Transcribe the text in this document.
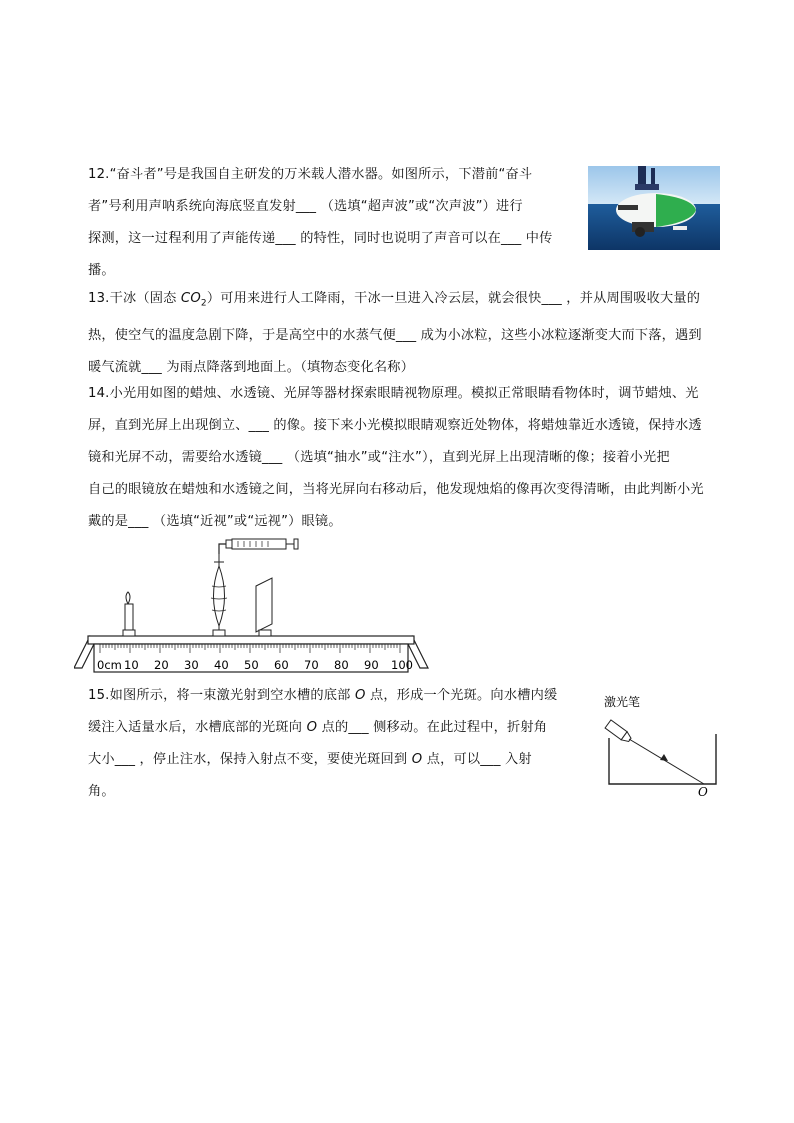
12.“奋斗者”号是我国自主研发的万米载人潜水器。如图所示，下潜前“奋斗
者”号利用声呐系统向海底竖直发射___ （选填“超声波”或“次声波”）进行
探测，这一过程利用了声能传递___ 的特性，同时也说明了声音可以在___ 中传
播。
13.干冰（固态 $CO_2$）可用来进行人工降雨，干冰一旦进入冷云层，就会很快___ ，并从周围吸收大量的
热，使空气的温度急剧下降，于是高空中的水蒸气便___ 成为小冰粒，这些小冰粒逐渐变大而下落，遇到
暖气流就___ 为雨点降落到地面上。（填物态变化名称）
14.小光用如图的蜡烛、水透镜、光屏等器材探索眼睛视物原理。模拟正常眼睛看物体时，调节蜡烛、光
屏，直到光屏上出现倒立、___ 的像。接下来小光模拟眼睛观察近处物体，将蜡烛靠近水透镜，保持水透
镜和光屏不动，需要给水透镜___ （选填“抽水”或“注水”），直到光屏上出现清晰的像；接着小光把
自己的眼镜放在蜡烛和水透镜之间，当将光屏向右移动后，他发现烛焰的像再次变得清晰，由此判断小光
戴的是___ （选填“近视”或“远视”）眼镜。
0cm 10 20 30 40 50 60 70 80 90 100
15.如图所示，将一束激光射到空水槽的底部 O 点，形成一个光斑。向水槽内缓
缓注入适量水后，水槽底部的光斑向 O 点的___ 侧移动。在此过程中，折射角
大小___ ，停止注水，保持入射点不变，要使光斑回到 O 点，可以___ 入射
角。
激光笔
O
